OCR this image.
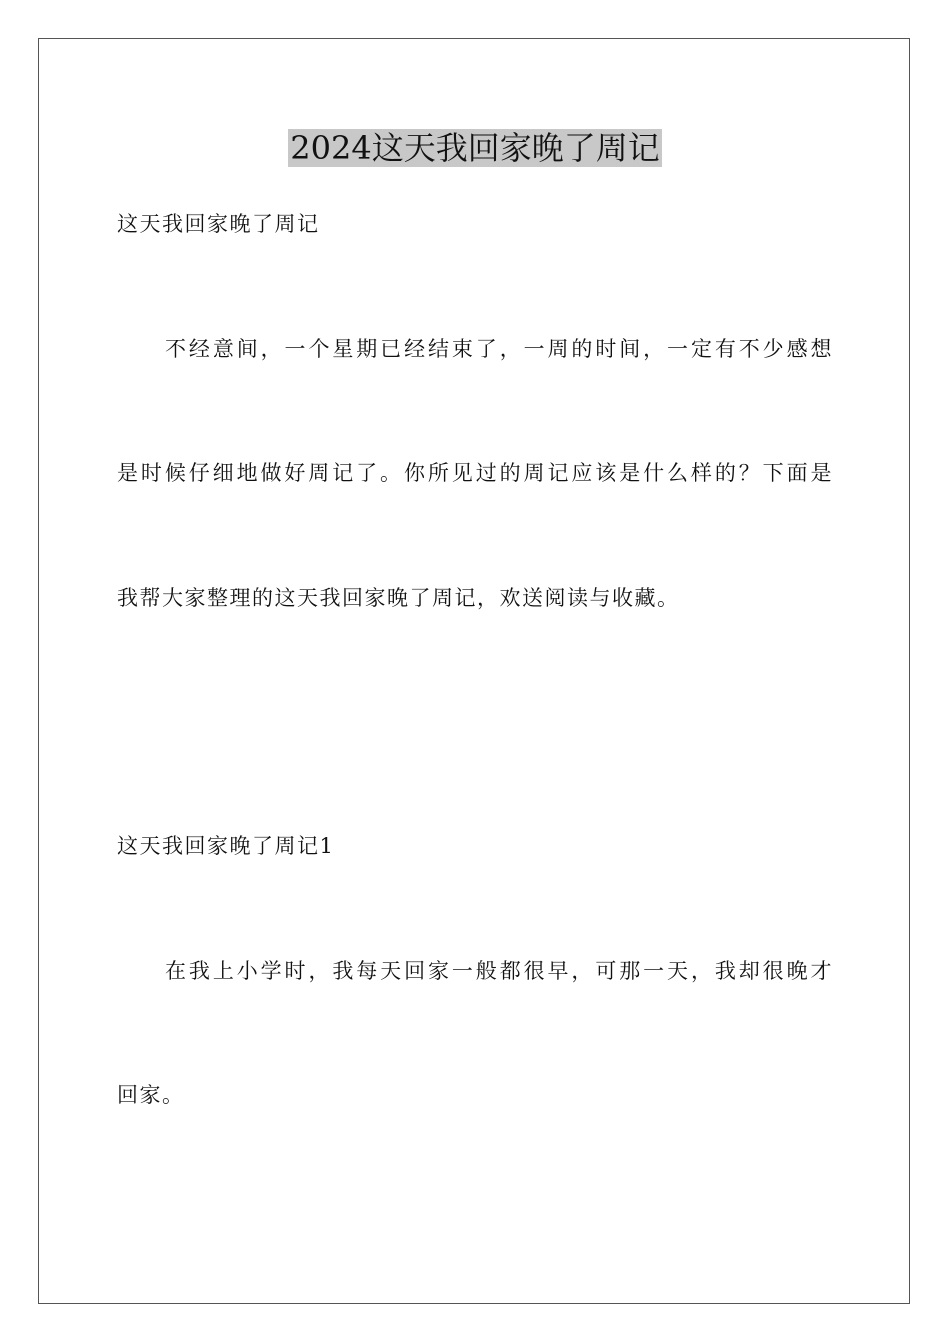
2024这天我回家晚了周记
这天我回家晚了周记
不经意间，一个星期已经结束了，一周的时间，一定有不少感想
是时候仔细地做好周记了。你所见过的周记应该是什么样的？下面是
我帮大家整理的这天我回家晚了周记，欢送阅读与收藏。
这天我回家晚了周记1
在我上小学时，我每天回家一般都很早，可那一天，我却很晚才
回家。
